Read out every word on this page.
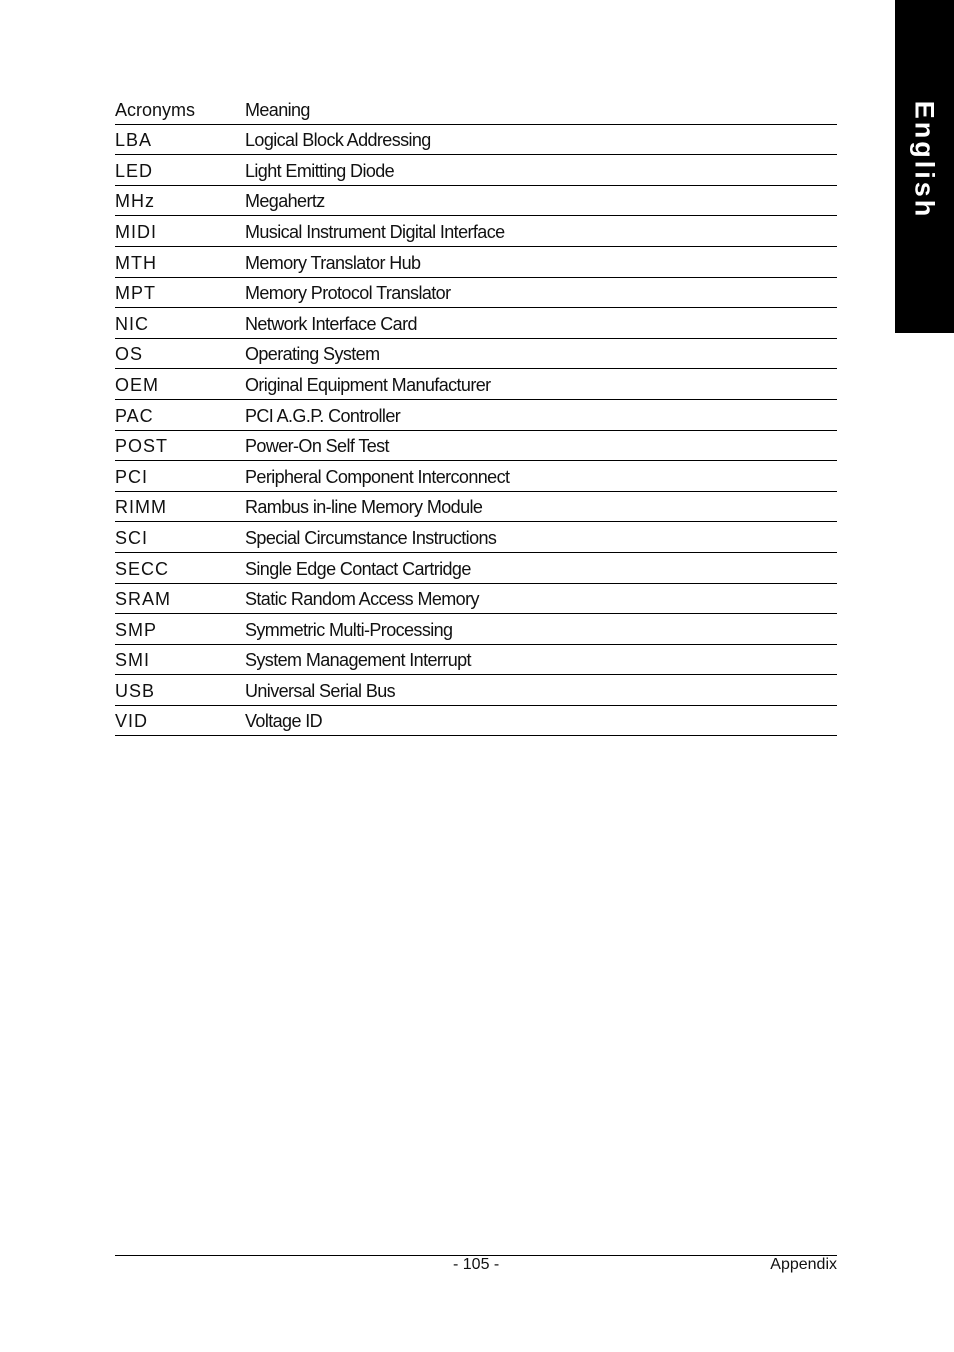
English
Acronyms	Meaning
LBA	Logical Block Addressing
LED	Light Emitting Diode
MHz	Megahertz
MIDI	Musical Instrument Digital Interface
MTH	Memory Translator Hub
MPT	Memory Protocol Translator
NIC	Network Interface Card
OS	Operating System
OEM	Original Equipment Manufacturer
PAC	PCI A.G.P. Controller
POST	Power-On Self Test
PCI	Peripheral Component Interconnect
RIMM	Rambus in-line Memory Module
SCI	Special Circumstance Instructions
SECC	Single Edge Contact Cartridge
SRAM	Static Random Access Memory
SMP	Symmetric Multi-Processing
SMI	System Management Interrupt
USB	Universal Serial Bus
VID	Voltage ID
- 105 -	Appendix
